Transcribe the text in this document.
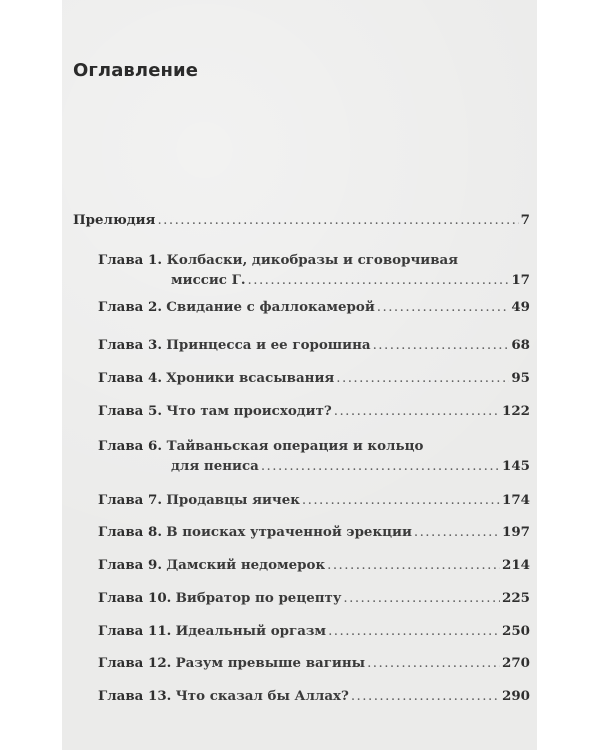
Оглавление
Прелюдия . . .	7
Глава 1. Колбаски, дикобразы и сговорчивая
миссис Г. . . .	17
Глава 2.
Свидание с фаллокамерой . . .	49
Глава 3.
Принцесса и ее горошина . . .	68
Глава 4.
Хроники всасывания . . .	95
Глава 5.
Что там происходит? . . .	122
Глава 6. Тайваньская операция и кольцо
для пениса . . .	145
Глава 7.
Продавцы яичек . . .	174
Глава 8.
В поисках утраченной эрекции . . .	197
Глава 9.
Дамский недомерок . . .	214
Глава 10.
Вибратор по рецепту . . .	225
Глава 11.
Идеальный оргазм . . .	250
Глава 12.
Разум превыше вагины . . .	270
Глава 13.
Что сказал бы Аллах? . . .	290
